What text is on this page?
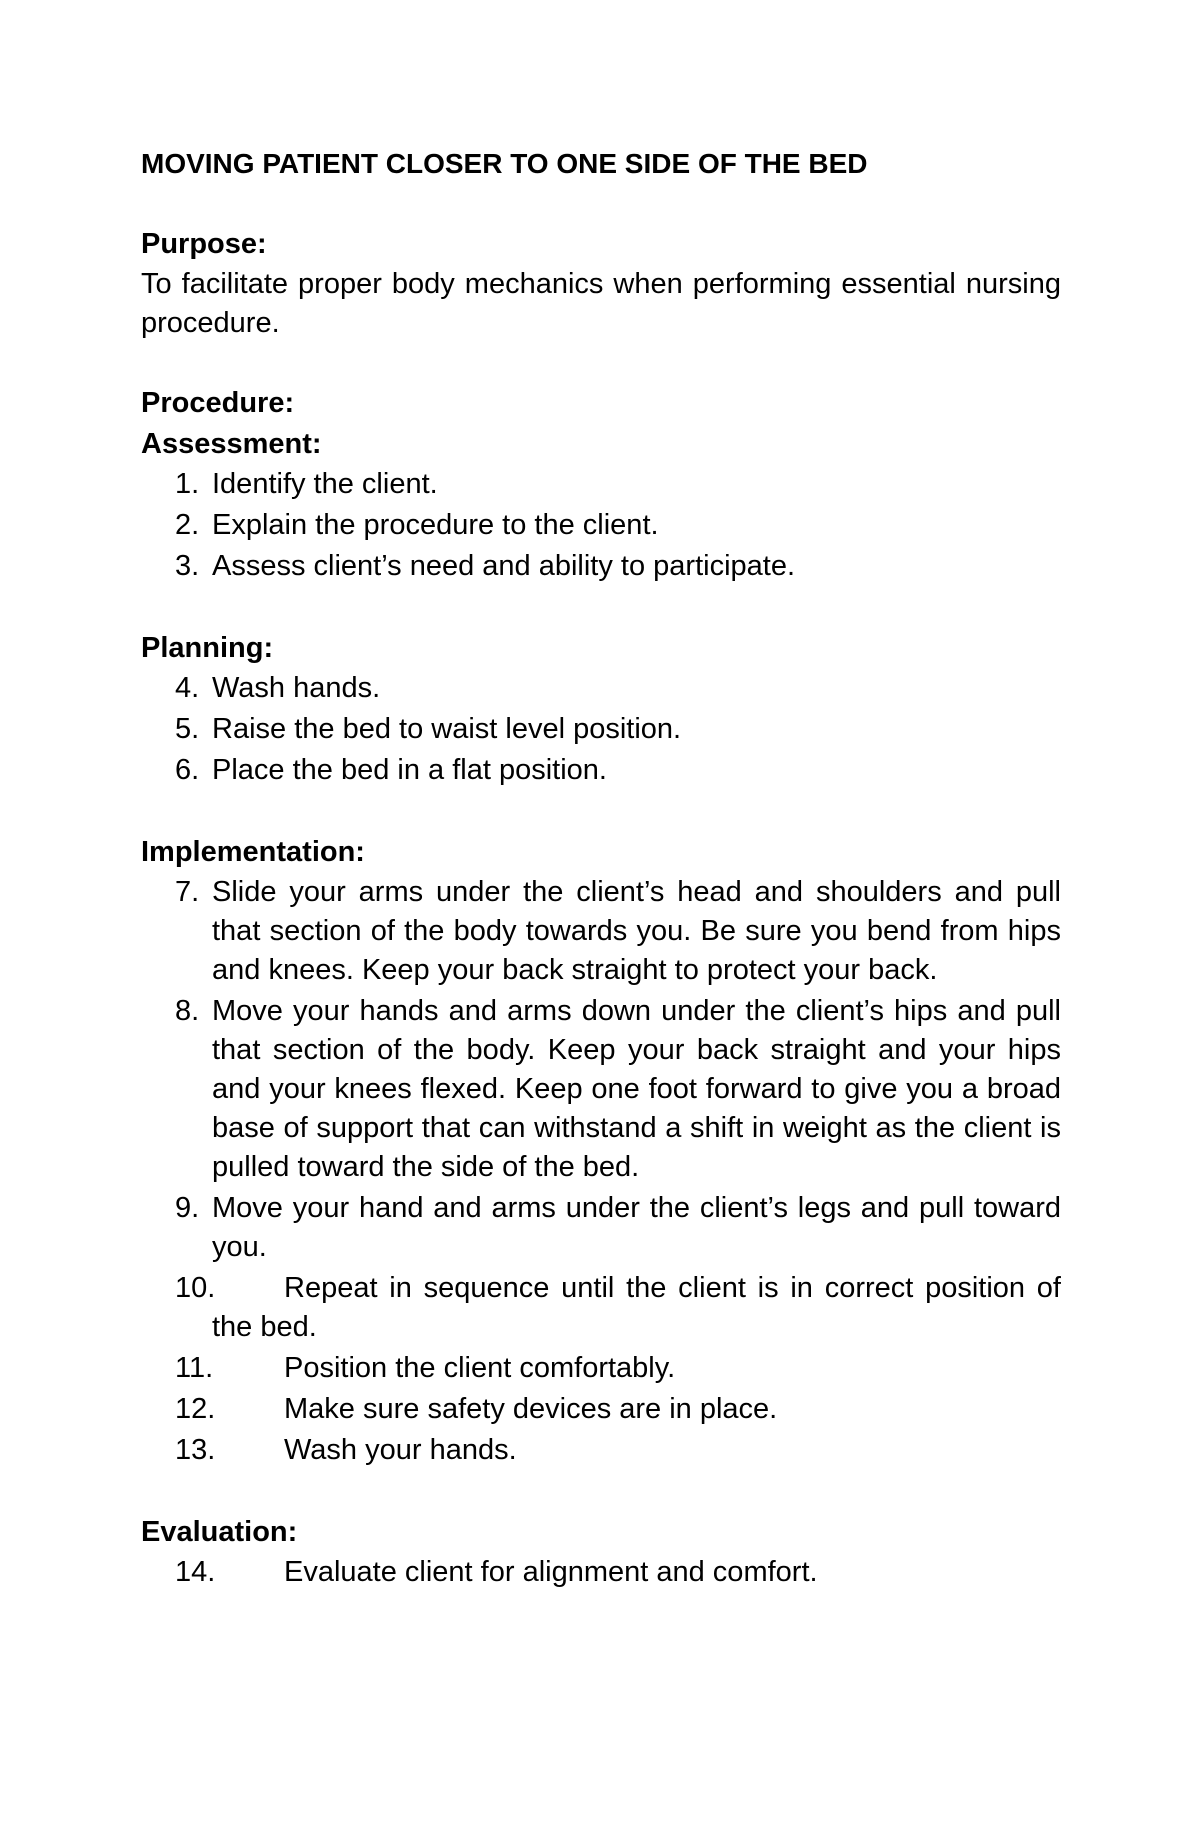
MOVING PATIENT CLOSER TO ONE SIDE OF THE BED
Purpose:

To facilitate proper body mechanics when performing essential nursing procedure.

Procedure:
Assessment:
1. Identify the client.
2. Explain the procedure to the client.
3. Assess client’s need and ability to participate.
Planning:
4. Wash hands.
5. Raise the bed to waist level position.
6. Place the bed in a flat position.
Implementation:
7. Slide your arms under the client’s head and shoulders and pull that section of the body towards you. Be sure you bend from hips and knees. Keep your back straight to protect your back.
8. Move your hands and arms down under the client’s hips and pull that section of the body. Keep your back straight and your hips and your knees flexed. Keep one foot forward to give you a broad base of support that can withstand a shift in weight as the client is pulled toward the side of the bed.
9. Move your hand and arms under the client’s legs and pull toward you.
10.	Repeat in sequence until the client is in correct position of the bed.
11.	Position the client comfortably.
12.	Make sure safety devices are in place.
13.	Wash your hands.
Evaluation:
14.	Evaluate client for alignment and comfort.
